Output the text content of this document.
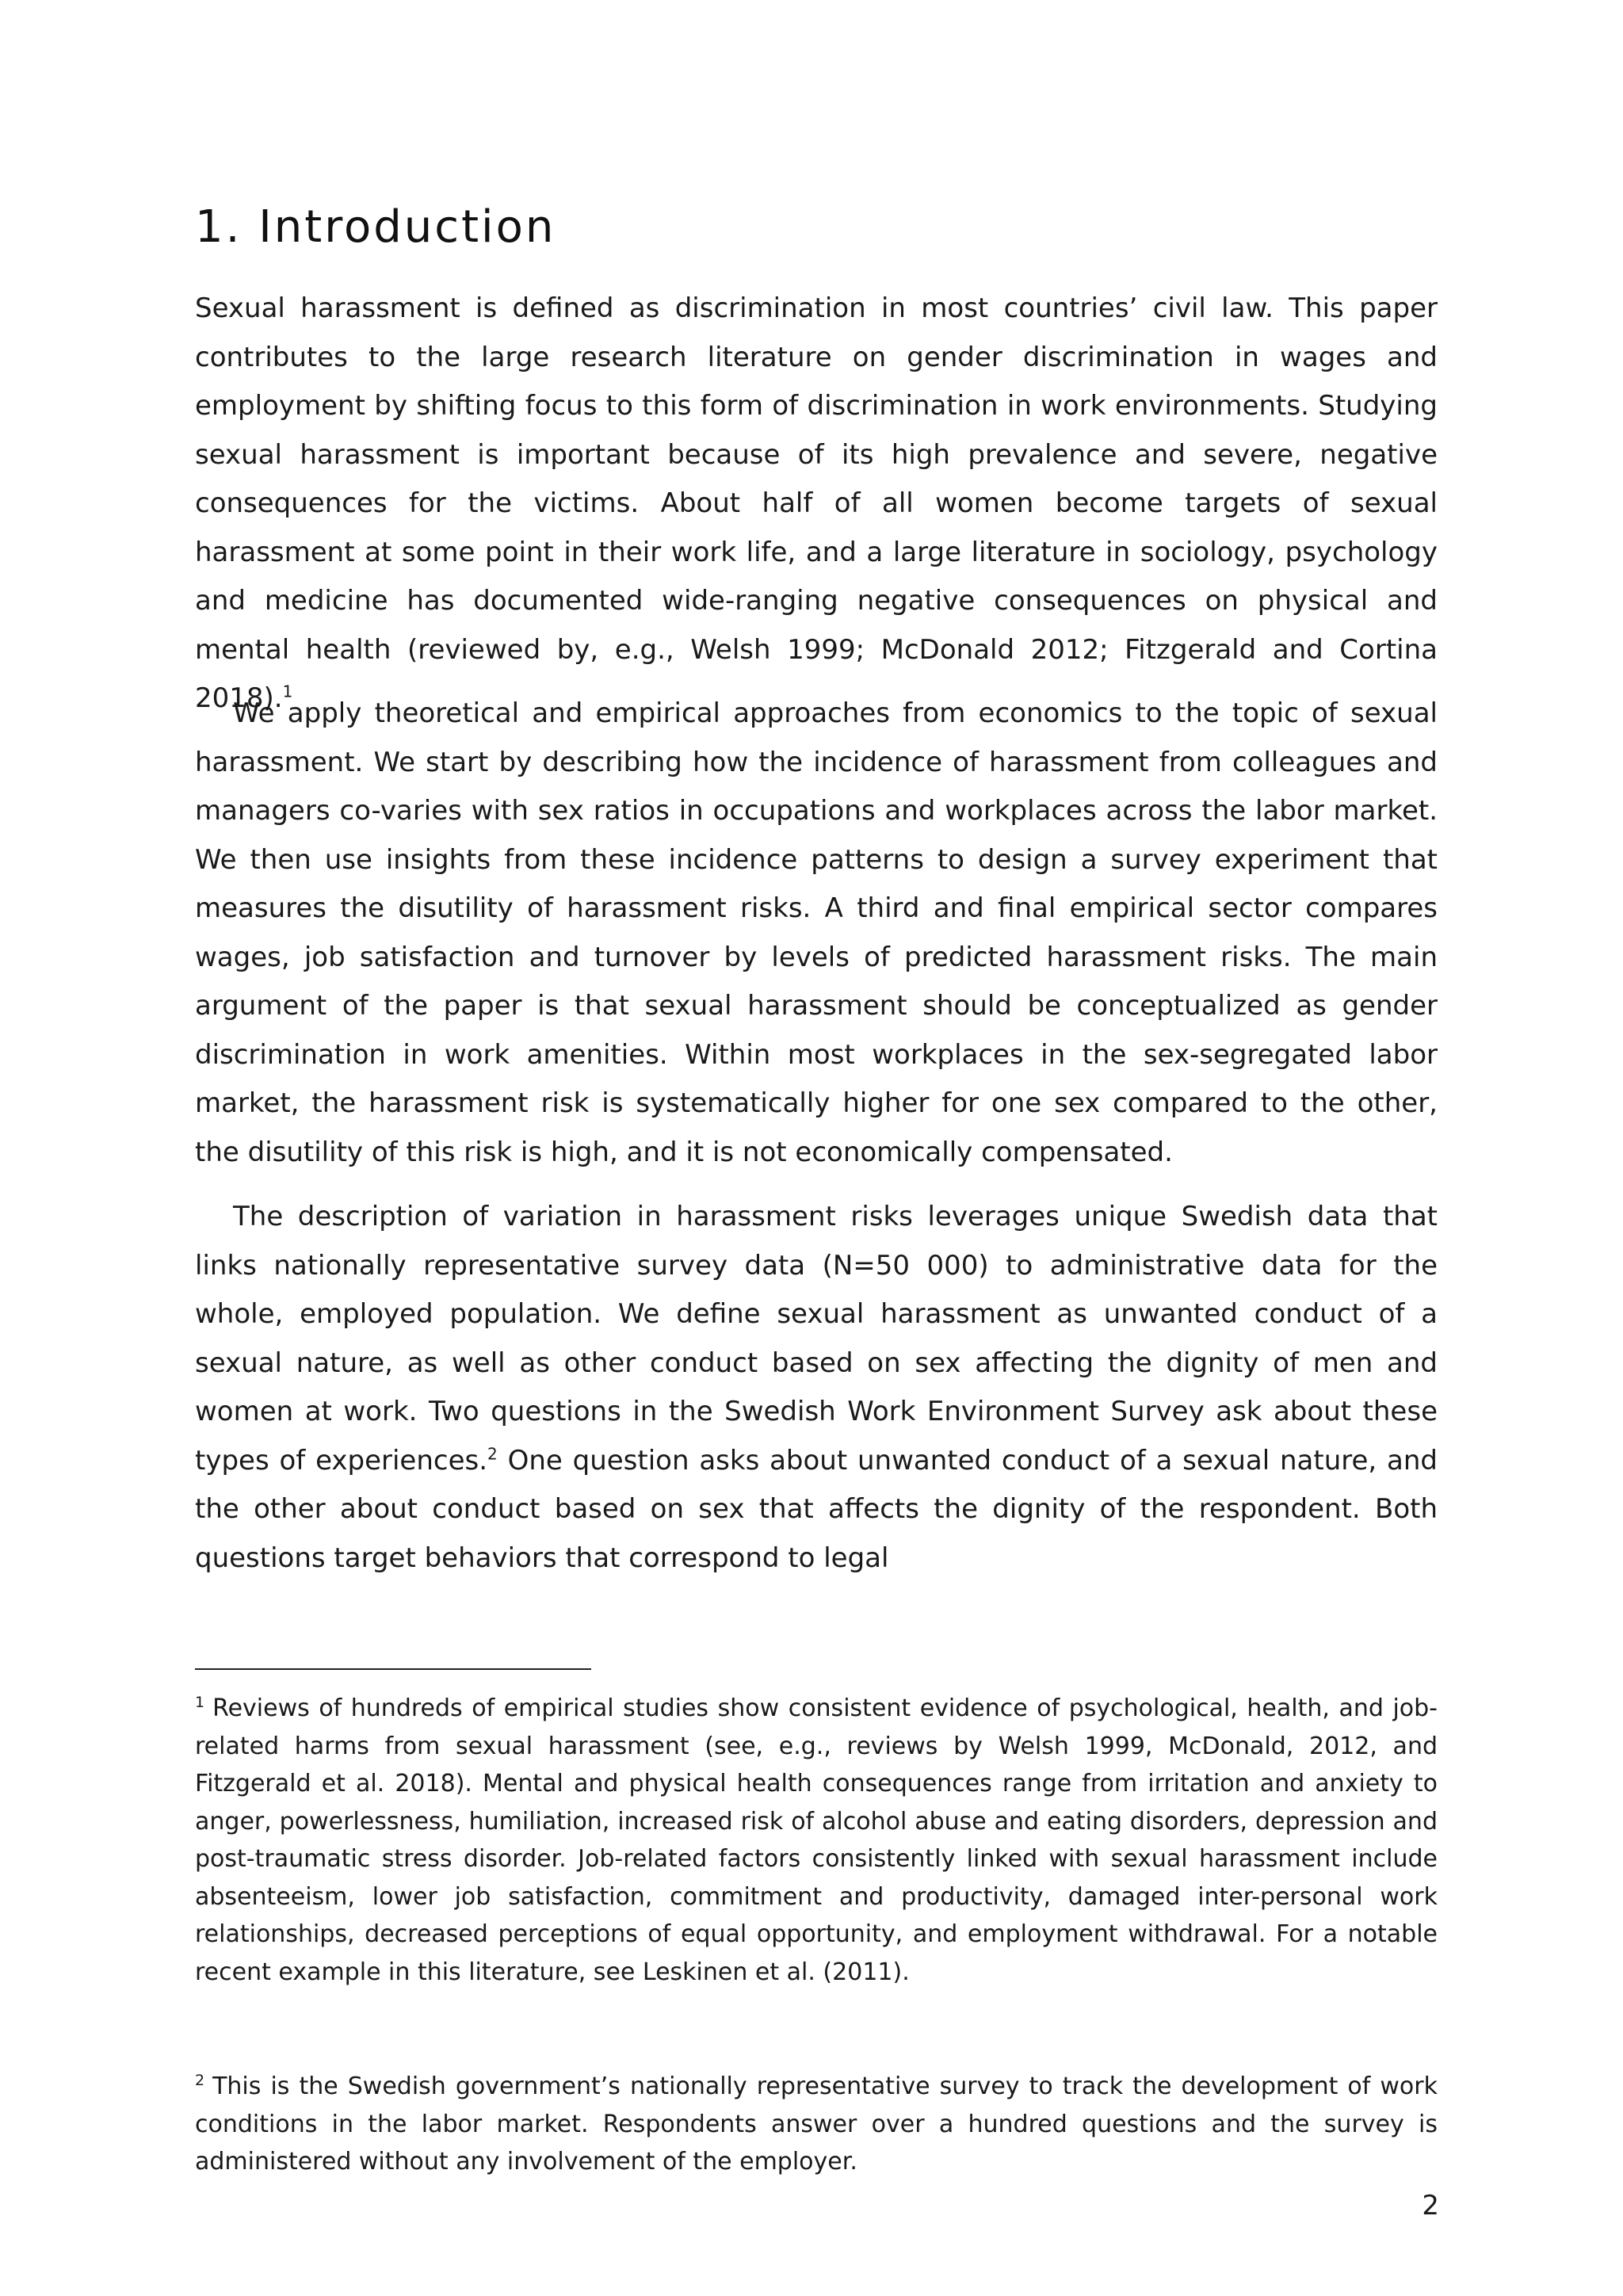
1. Introduction

Sexual harassment is defined as discrimination in most countries’ civil law. This paper contributes to the large research literature on gender discrimination in wages and employment by shifting focus to this form of discrimination in work environments. Studying sexual harassment is important because of its high prevalence and severe, negative consequences for the victims. About half of all women become targets of sexual harassment at some point in their work life, and a large literature in sociology, psychology and medicine has documented wide-ranging negative consequences on physical and mental health (reviewed by, e.g., Welsh 1999; McDonald 2012; Fitzgerald and Cortina 2018).$^1$

We apply theoretical and empirical approaches from economics to the topic of sexual harassment. We start by describing how the incidence of harassment from colleagues and managers co-varies with sex ratios in occupations and workplaces across the labor market. We then use insights from these incidence patterns to design a survey experiment that measures the disutility of harassment risks. A third and final empirical sector compares wages, job satisfaction and turnover by levels of predicted harassment risks. The main argument of the paper is that sexual harassment should be conceptualized as gender discrimination in work amenities. Within most workplaces in the sex-segregated labor market, the harassment risk is systematically higher for one sex compared to the other, the disutility of this risk is high, and it is not economically compensated.

The description of variation in harassment risks leverages unique Swedish data that links nationally representative survey data (N=50 000) to administrative data for the whole, employed population. We define sexual harassment as unwanted conduct of a sexual nature, as well as other conduct based on sex affecting the dignity of men and women at work. Two questions in the Swedish Work Environment Survey ask about these types of experiences.$^2$ One question asks about unwanted conduct of a sexual nature, and the other about conduct based on sex that affects the dignity of the respondent. Both questions target behaviors that correspond to legal

$^1$ Reviews of hundreds of empirical studies show consistent evidence of psychological, health, and job-related harms from sexual harassment (see, e.g., reviews by Welsh 1999, McDonald, 2012, and Fitzgerald et al. 2018). Mental and physical health consequences range from irritation and anxiety to anger, powerlessness, humiliation, increased risk of alcohol abuse and eating disorders, depression and post-traumatic stress disorder. Job-related factors consistently linked with sexual harassment include absenteeism, lower job satisfaction, commitment and productivity, damaged inter-personal work relationships, decreased perceptions of equal opportunity, and employment withdrawal. For a notable recent example in this literature, see Leskinen et al. (2011).

$^2$ This is the Swedish government’s nationally representative survey to track the development of work conditions in the labor market. Respondents answer over a hundred questions and the survey is administered without any involvement of the employer.

2
